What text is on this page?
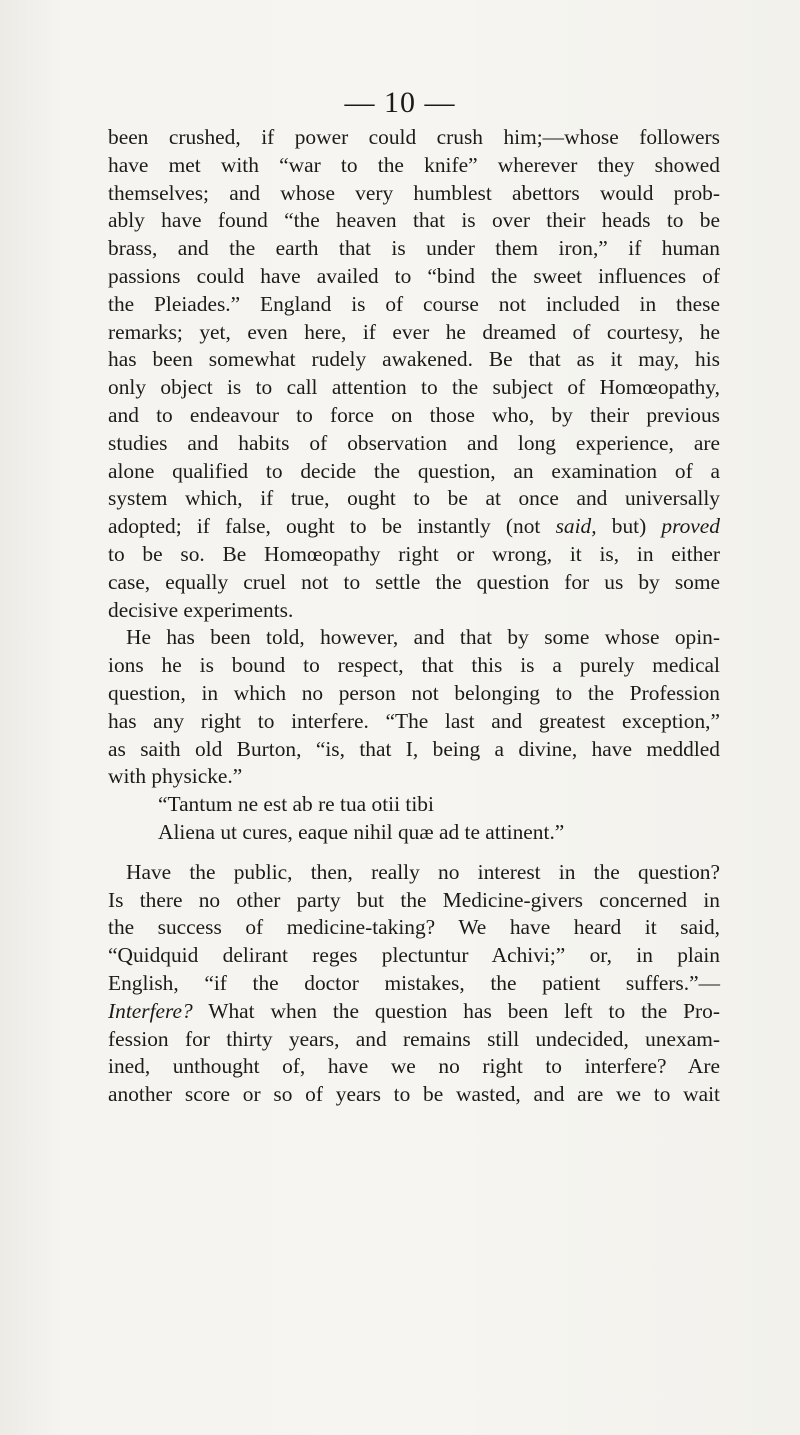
— 10 —
been crushed, if power could crush him;—whose followers
have met with “war to the knife” wherever they showed
themselves; and whose very humblest abettors would prob-
ably have found “the heaven that is over their heads to be
brass, and the earth that is under them iron,” if human
passions could have availed to “bind the sweet influences of
the Pleiades.” England is of course not included in these
remarks; yet, even here, if ever he dreamed of courtesy, he
has been somewhat rudely awakened. Be that as it may, his
only object is to call attention to the subject of Homœopathy,
and to endeavour to force on those who, by their previous
studies and habits of observation and long experience, are
alone qualified to decide the question, an examination of a
system which, if true, ought to be at once and universally
adopted; if false, ought to be instantly (not said, but) proved
to be so. Be Homœopathy right or wrong, it is, in either
case, equally cruel not to settle the question for us by some
decisive experiments.
He has been told, however, and that by some whose opin-
ions he is bound to respect, that this is a purely medical
question, in which no person not belonging to the Profession
has any right to interfere. “The last and greatest exception,”
as saith old Burton, “is, that I, being a divine, have meddled
with physicke.”
“Tantum ne est ab re tua otii tibi
Aliena ut cures, eaque nihil quæ ad te attinent.”
Have the public, then, really no interest in the question?
Is there no other party but the Medicine-givers concerned in
the success of medicine-taking? We have heard it said,
“Quidquid delirant reges plectuntur Achivi;” or, in plain
English, “if the doctor mistakes, the patient suffers.”—
Interfere? What when the question has been left to the Pro-
fession for thirty years, and remains still undecided, unexam-
ined, unthought of, have we no right to interfere? Are
another score or so of years to be wasted, and are we to wait
